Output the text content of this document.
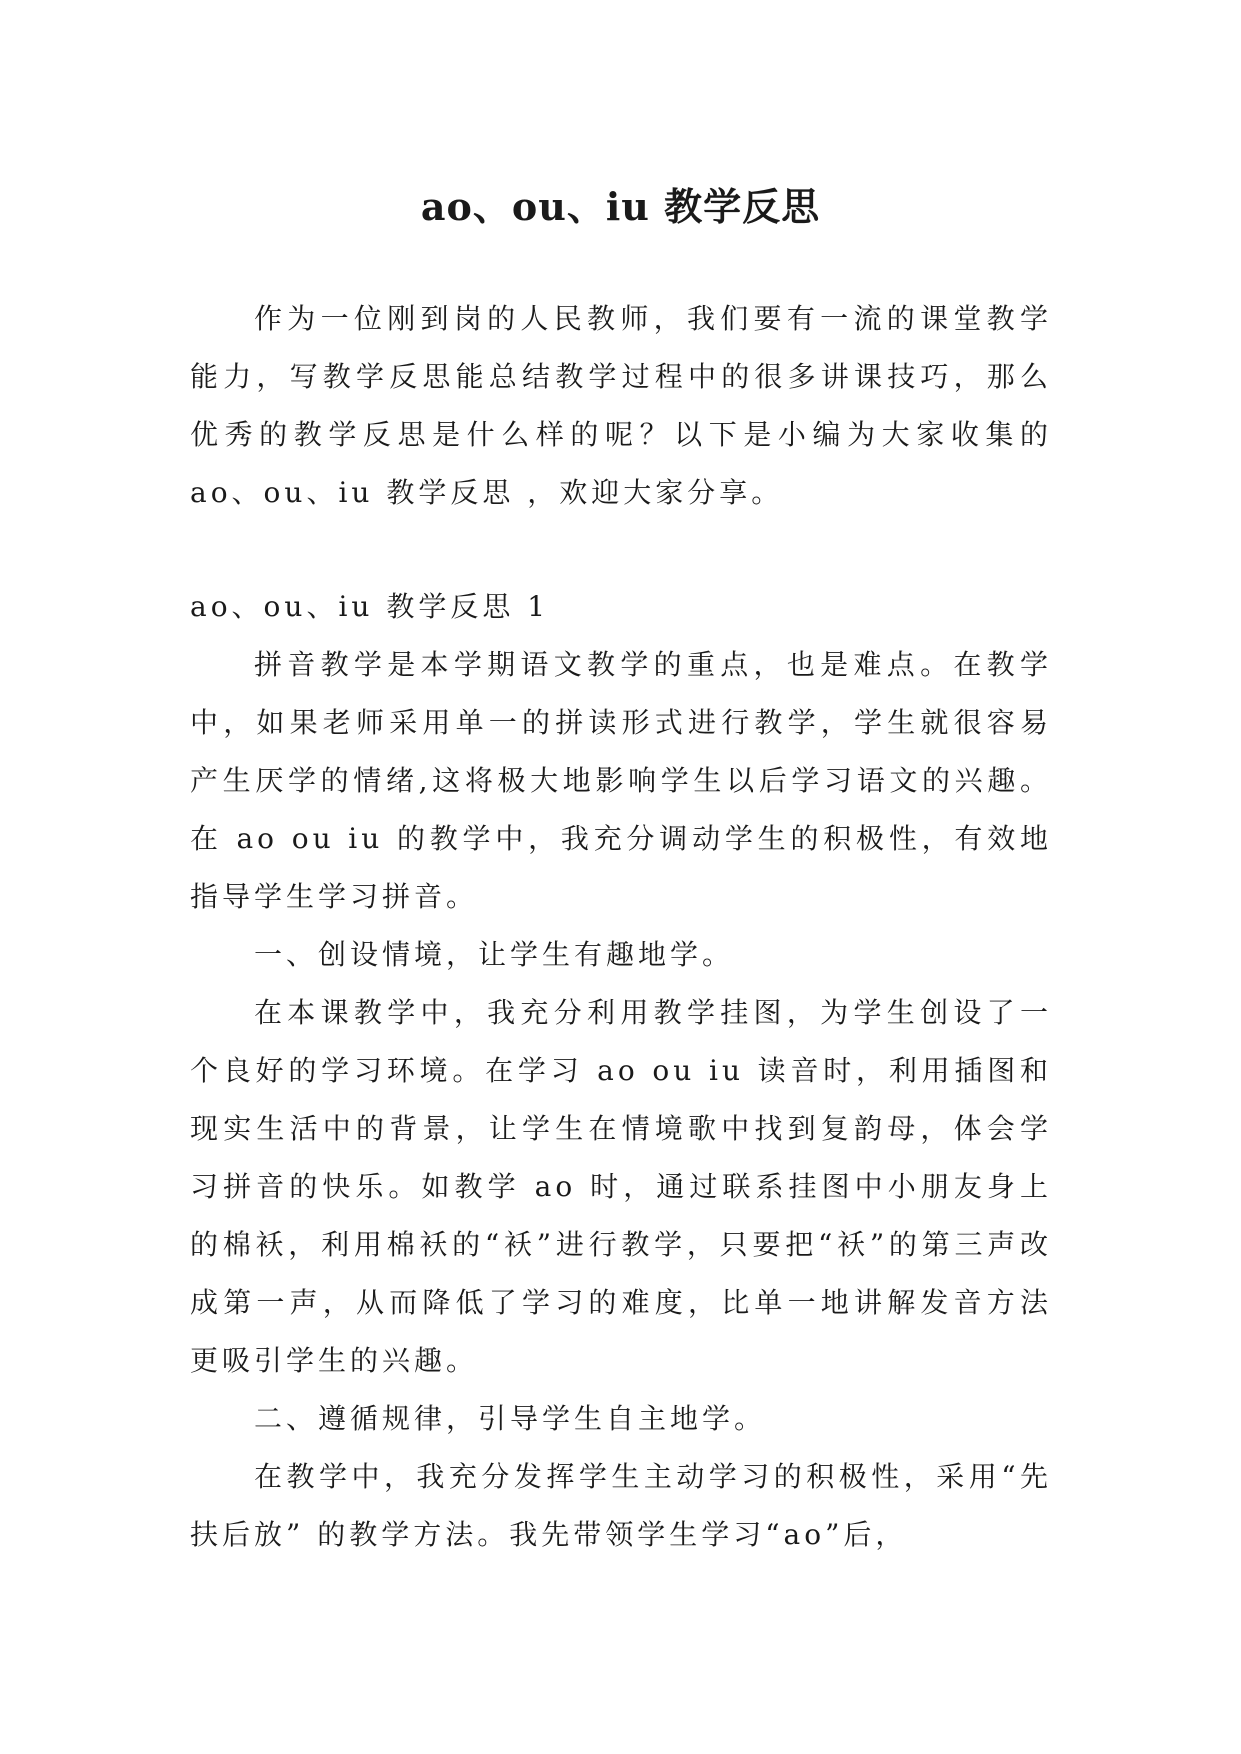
ao、ou、iu 教学反思

作为一位刚到岗的人民教师，我们要有一流的课堂教学能力，写教学反思能总结教学过程中的很多讲课技巧，那么优秀的教学反思是什么样的呢？以下是小编为大家收集的 ao、ou、iu 教学反思 ，欢迎大家分享。

ao、ou、iu 教学反思 1

拼音教学是本学期语文教学的重点，也是难点。在教学中，如果老师采用单一的拼读形式进行教学，学生就很容易产生厌学的情绪,这将极大地影响学生以后学习语文的兴趣。在 ao ou iu 的教学中，我充分调动学生的积极性，有效地指导学生学习拼音。

一、创设情境，让学生有趣地学。

在本课教学中，我充分利用教学挂图，为学生创设了一个良好的学习环境。在学习 ao ou iu 读音时，利用插图和现实生活中的背景，让学生在情境歌中找到复韵母，体会学习拼音的快乐。如教学 ao 时，通过联系挂图中小朋友身上的棉袄，利用棉袄的“袄”进行教学，只要把“袄”的第三声改成第一声，从而降低了学习的难度，比单一地讲解发音方法更吸引学生的兴趣。

二、遵循规律，引导学生自主地学。

在教学中，我充分发挥学生主动学习的积极性，采用“先扶后放” 的教学方法。我先带领学生学习“ao”后，
